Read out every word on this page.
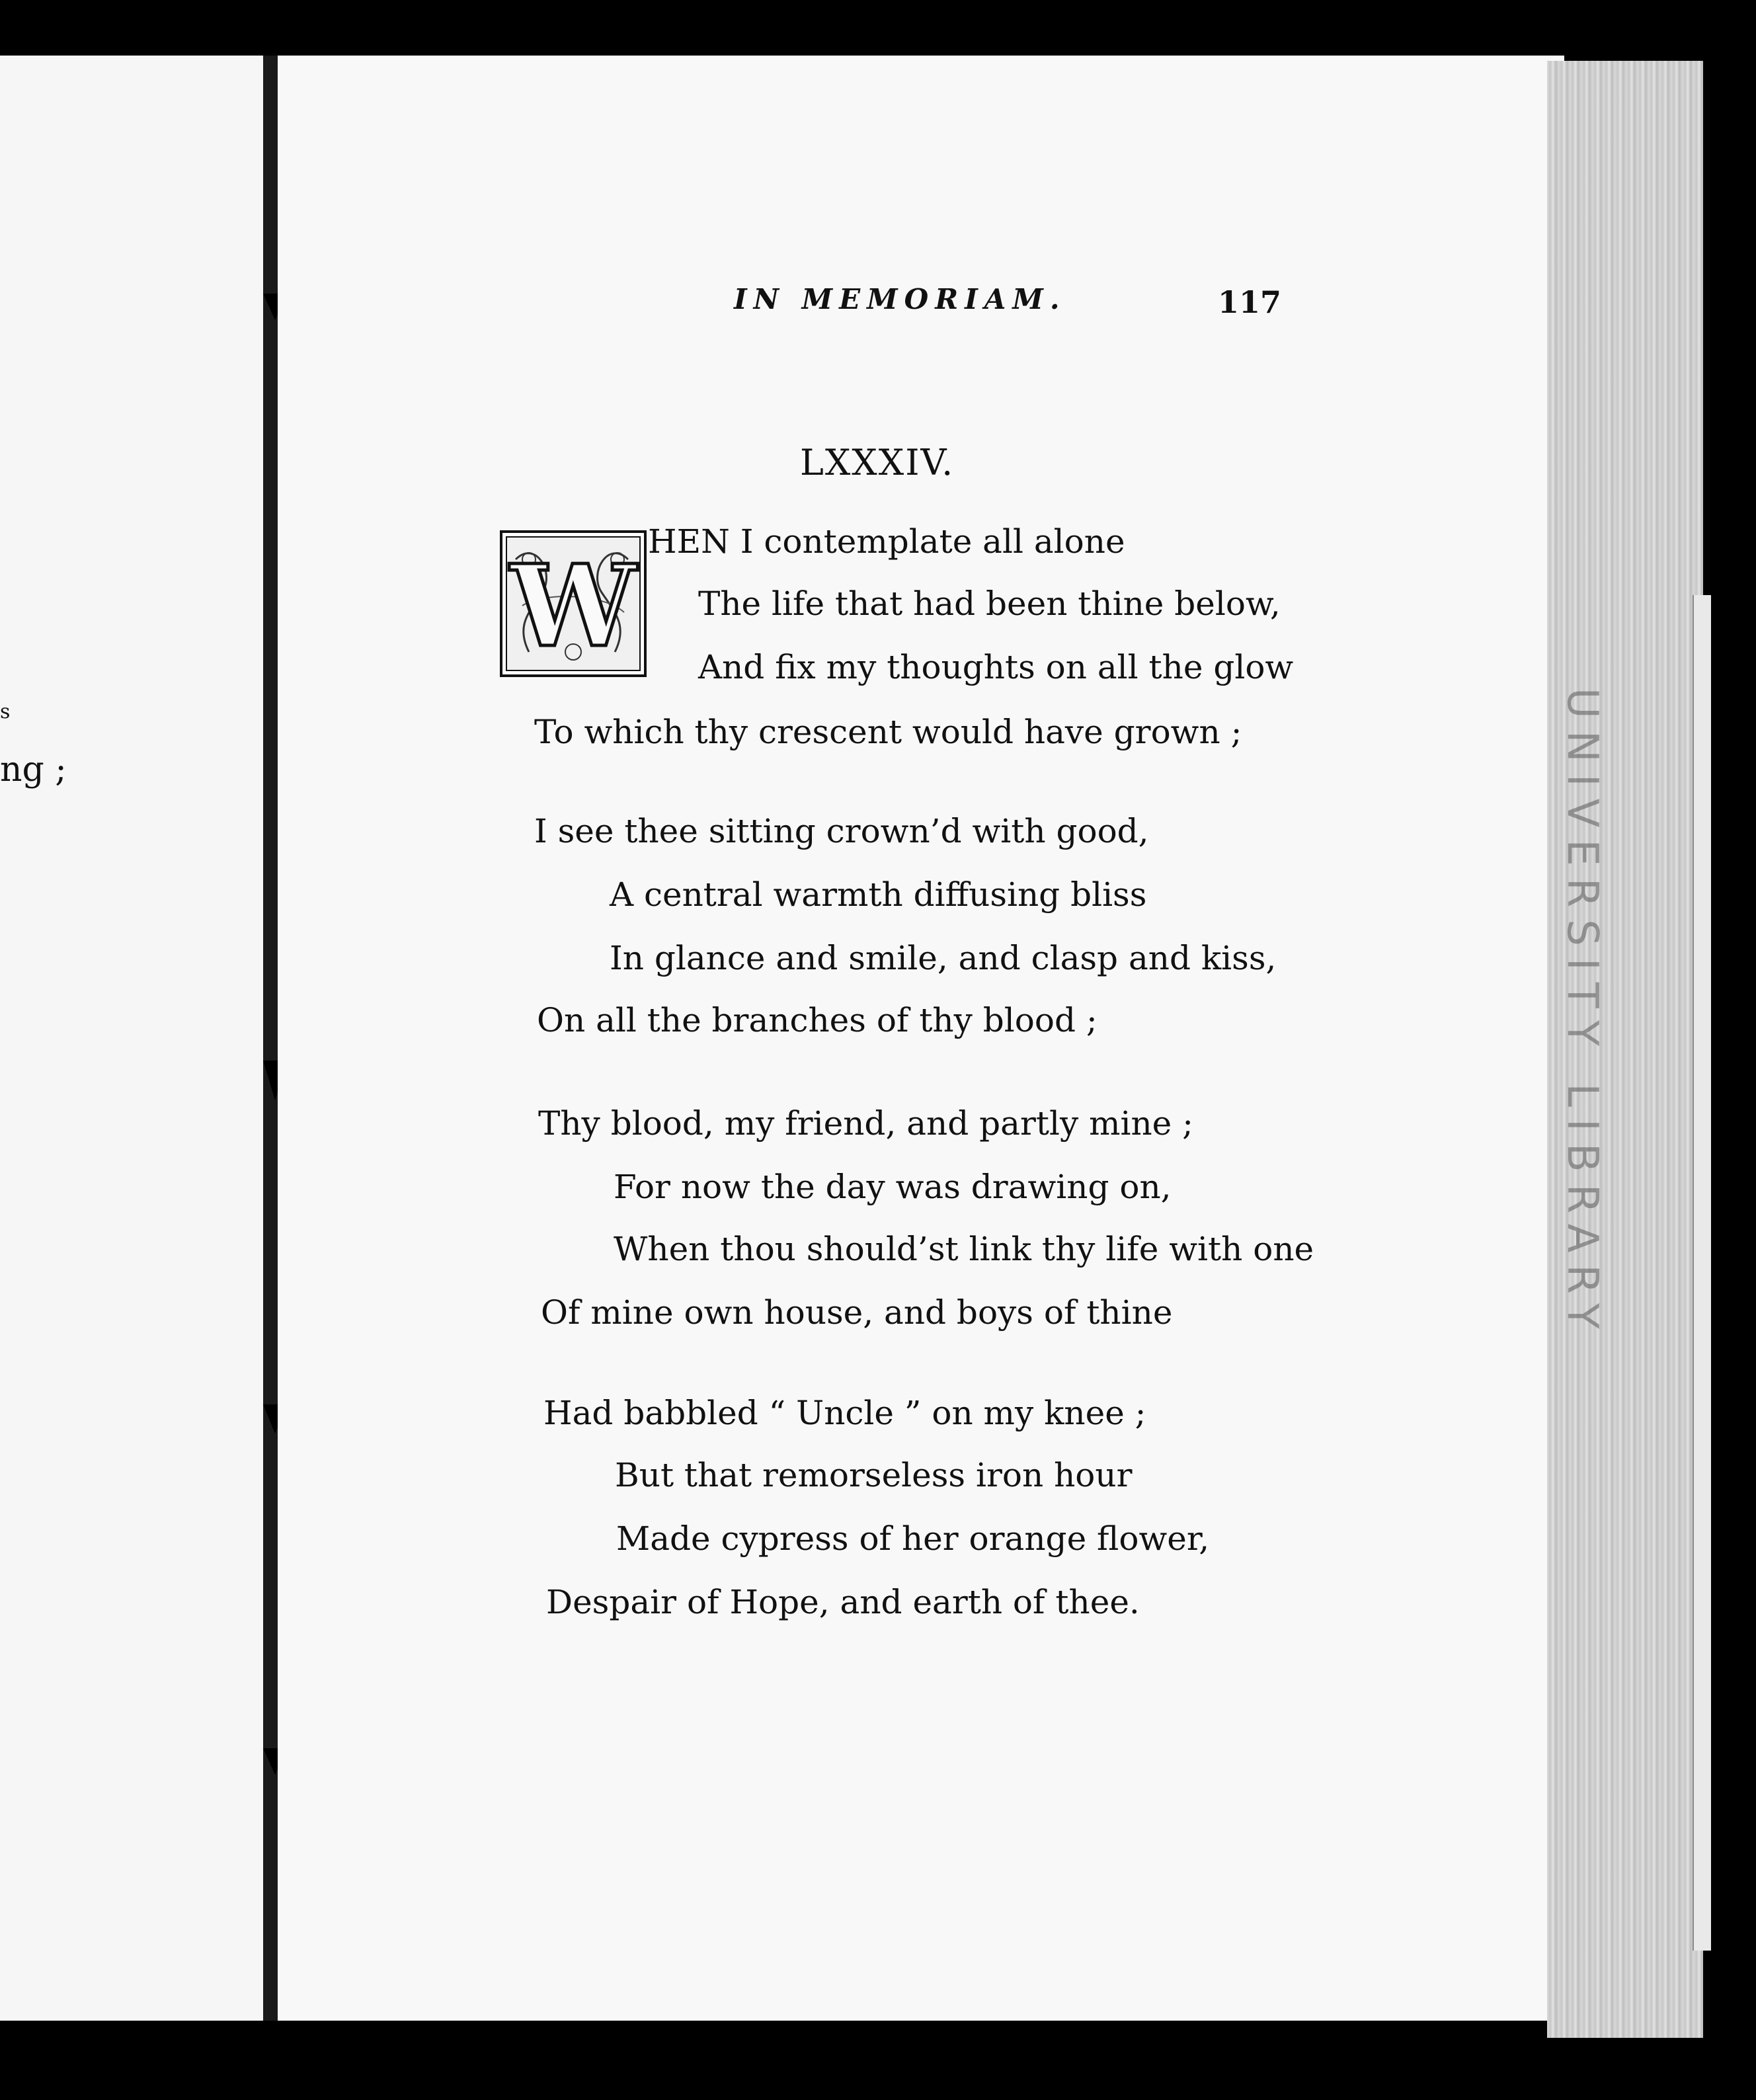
s
ng ;	UNIVERSITY LIBRARY
IN MEMORIAM.	117
LXXXIV.
W HEN I contemplate all alone
The life that had been thine below,
And fix my thoughts on all the glow
To which thy crescent would have grown ;
I see thee sitting crown’d with good,
A central warmth diffusing bliss
In glance and smile, and clasp and kiss,
On all the branches of thy blood ;
Thy blood, my friend, and partly mine ;
For now the day was drawing on,
When thou should’st link thy life with one
Of mine own house, and boys of thine
Had babbled “ Uncle ” on my knee ;
But that remorseless iron hour
Made cypress of her orange flower,
Despair of Hope, and earth of thee.
